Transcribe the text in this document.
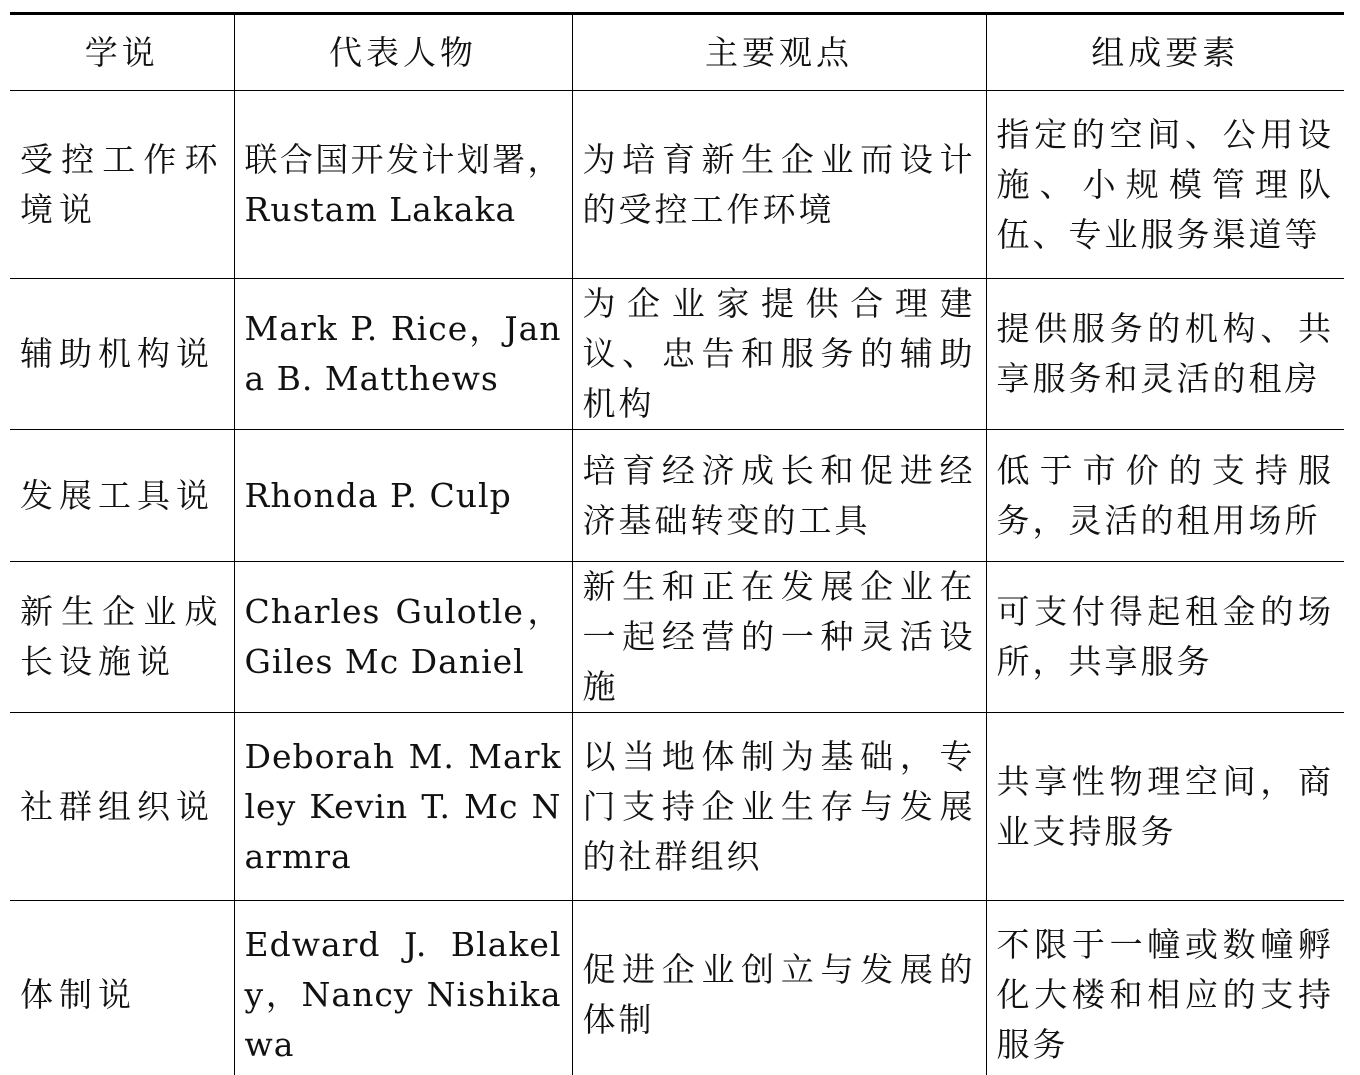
学说	代表人物	主要观点	组成要素
受控工作环境说	联合国开发计划署，Rustam Lakaka	为培育新生企业而设计的受控工作环境	指定的空间、公用设施、小规模管理队伍、专业服务渠道等
辅助机构说	Mark P. Rice，Jana B. Matthews	为企业家提供合理建议、忠告和服务的辅助机构	提供服务的机构、共享服务和灵活的租房
发展工具说	Rhonda P. Culp	培育经济成长和促进经济基础转变的工具	低于市价的支持服务，灵活的租用场所
新生企业成长设施说	Charles Gulotle，Giles Mc Daniel	新生和正在发展企业在一起经营的一种灵活设施	可支付得起租金的场所，共享服务
社群组织说	Deborah M. Markley Kevin T. Mc Narmra	以当地体制为基础，专门支持企业生存与发展的社群组织	共享性物理空间，商业支持服务
体制说	Edward J. Blakely，Nancy Nishikawa	促进企业创立与发展的体制	不限于一幢或数幢孵化大楼和相应的支持服务
